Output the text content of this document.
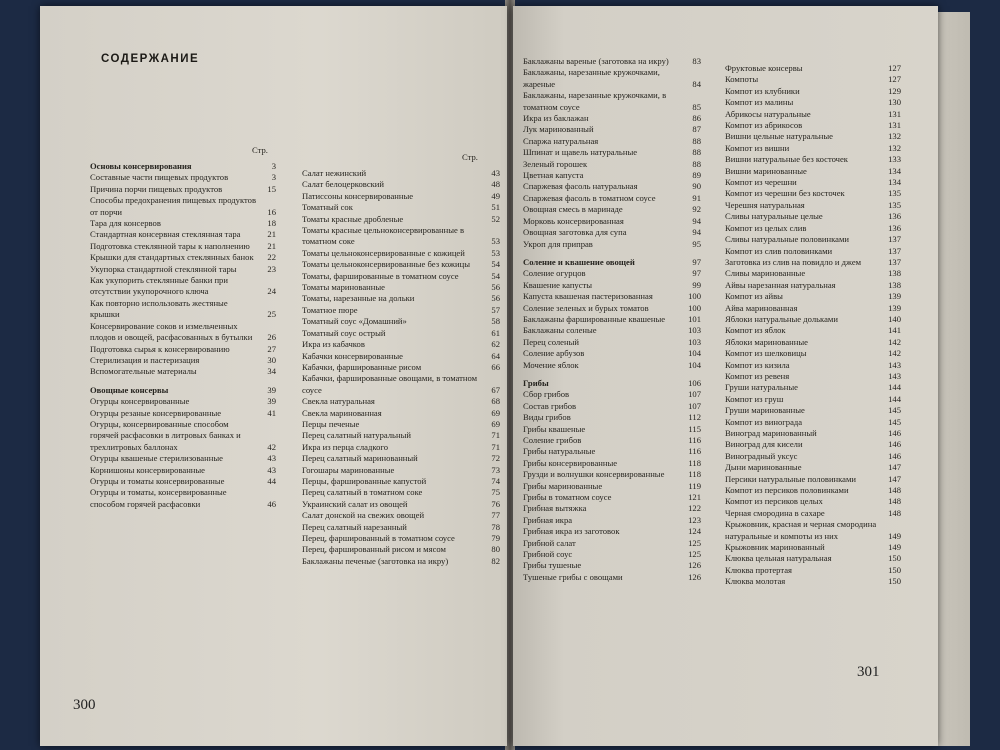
СОДЕРЖАНИЕ
Стр.
Стр.
Основы консервирования	3
Составные части пищевых продуктов	3
Причина порчи пищевых продуктов	15
Способы предохранения пищевых продуктов от порчи	16
Тара для консервов	18
Стандартная консервная стеклянная тара	21
Подготовка стеклянной тары к наполнению	21
Крышки для стандартных стеклянных банок	22
Укупорка стандартной стеклянной тары	23
Как укупорить стеклянные банки при отсутствии укупорочного ключа	24
Как повторно использовать жестяные крышки	25
Консервирование соков и измельченных плодов и овощей, расфасованных в бутылки	26
Подготовка сырья к консервированию	27
Стерилизация и пастеризация	30
Вспомогательные материалы	34
Овощные консервы	39
Огурцы консервированные	39
Огурцы резаные консервированные	41
Огурцы, консервированные способом горячей расфасовки в литровых банках и трехлитровых баллонах	42
Огурцы квашеные стерилизованные	43
Корнишоны консервированные	43
Огурцы и томаты консервированные	44
Огурцы и томаты, консервированные способом горячей расфасовки	46
Салат нежинский	43
Салат белоцерковский	48
Патиссоны консервированные	49
Томатный сок	51
Томаты красные дробленые	52
Томаты красные цельноконсервированные в томатном соке	53
Томаты цельноконсервированные с кожицей	53
Томаты цельноконсервированные без кожицы	54
Томаты, фаршированные в томатном соусе	54
Томаты маринованные	56
Томаты, нарезанные на дольки	56
Томатное пюре	57
Томатный соус «Домашний»	58
Томатный соус острый	61
Икра из кабачков	62
Кабачки консервированные	64
Кабачки, фаршированные рисом	66
Кабачки, фаршированные овощами, в томатном соусе	67
Свекла натуральная	68
Свекла маринованная	69
Перцы печеные	69
Перец салатный натуральный	71
Икра из перца сладкого	71
Перец салатный маринованный	72
Гогошары маринованные	73
Перцы, фаршированные капустой	74
Перец салатный в томатном соке	75
Украинский салат из овощей	76
Салат донской на свежих овощей	77
Перец салатный нарезанный	78
Перец, фаршированный в томатном соусе	79
Перец, фаршированный рисом и мясом	80
Баклажаны печеные (заготовка на икру)	82
300
Баклажаны вареные (заготовка на икру)	83
Баклажаны, нарезанные кружочками, жареные	84
Баклажаны, нарезанные кружочками, в томатном соусе	85
Икра из баклажан	86
Лук маринованный	87
Спаржа натуральная	88
Шпинат и щавель натуральные	88
Зеленый горошек	88
Цветная капуста	89
Спаржевая фасоль натуральная	90
Спаржевая фасоль в томатном соусе	91
Овощная смесь в маринаде	92
Морковь консервированная	94
Овощная заготовка для супа	94
Укроп для приправ	95
Соление и квашение овощей	97
Соление огурцов	97
Квашение капусты	99
Капуста квашеная пастеризованная	100
Соление зеленых и бурых томатов	100
Баклажаны фаршированные квашеные	101
Баклажаны соленые	103
Перец соленый	103
Соление арбузов	104
Мочение яблок	104
Грибы	106
Сбор грибов	107
Состав грибов	107
Виды грибов	112
Грибы квашеные	115
Соление грибов	116
Грибы натуральные	116
Грибы консервированные	118
Грузди и волнушки консервированные	118
Грибы маринованные	119
Грибы в томатном соусе	121
Грибная вытяжка	122
Грибная икра	123
Грибная икра из заготовок	124
Грибной салат	125
Грибной соус	125
Грибы тушеные	126
Тушеные грибы с овощами	126
Фруктовые консервы	127
Компоты	127
Компот из клубники	129
Компот из малины	130
Абрикосы натуральные	131
Компот из абрикосов	131
Вишни цельные натуральные	132
Компот из вишни	132
Вишни натуральные без косточек	133
Вишни маринованные	134
Компот из черешни	134
Компот из черешни без косточек	135
Черешня натуральная	135
Сливы натуральные целые	136
Компот из целых слив	136
Сливы натуральные половинками	137
Компот из слив половинками	137
Заготовка из слив на повидло и джем	137
Сливы маринованные	138
Айвы нарезанная натуральная	138
Компот из айвы	139
Айва маринованная	139
Яблоки натуральные дольками	140
Компот из яблок	141
Яблоки маринованные	142
Компот из шелковицы	142
Компот из кизила	143
Компот из ревеня	143
Груши натуральные	144
Компот из груш	144
Груши маринованные	145
Компот из винограда	145
Виноград маринованный	146
Виноград для кисели	146
Виноградный уксус	146
Дыни маринованные	147
Персики натуральные половинками	147
Компот из персиков половинками	148
Компот из персиков целых	148
Черная смородина в сахаре	148
Крыжовник, красная и черная смородина натуральные и компоты из них	149
Крыжовник маринованный	149
Клюква цельная натуральная	150
Клюква протертая	150
Клюква молотая	150
301
